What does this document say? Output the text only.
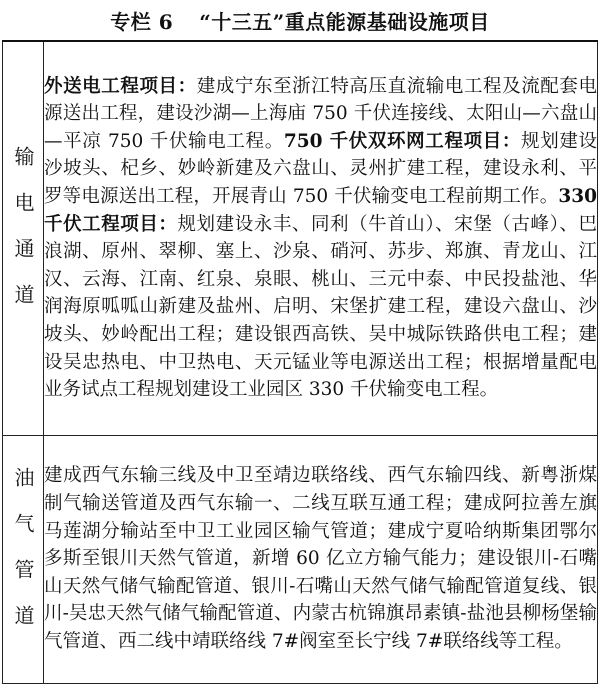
专栏 6 “十三五”重点能源基础设施项目
输电通道	外送电工程项目：建成宁东至浙江特高压直流输电工程及流配套电源送出工程，建设沙湖—上海庙 750 千伏连接线、太阳山—六盘山—平凉 750 千伏输电工程。750 千伏双环网工程项目：规划建设沙坡头、杞乡、妙岭新建及六盘山、灵州扩建工程，建设永利、平罗等电源送出工程，开展青山 750 千伏输变电工程前期工作。330 千伏工程项目：规划建设永丰、同利（牛首山）、宋堡（古峰）、巴浪湖、原州、翠柳、塞上、沙泉、硝河、苏步、郑旗、青龙山、江汉、云海、江南、红泉、泉眼、桃山、三元中泰、中民投盐池、华润海原呱呱山新建及盐州、启明、宋堡扩建工程，建设六盘山、沙坡头、妙岭配出工程；建设银西高铁、吴中城际铁路供电工程；建设吴忠热电、中卫热电、天元锰业等电源送出工程；根据增量配电业务试点工程规划建设工业园区 330 千伏输变电工程。

油气管道	建成西气东输三线及中卫至靖边联络线、西气东输四线、新粤浙煤制气输送管道及西气东输一、二线互联互通工程；建成阿拉善左旗马莲湖分输站至中卫工业园区输气管道；建成宁夏哈纳斯集团鄂尔多斯至银川天然气管道，新增 60 亿立方输气能力；建设银川-石嘴山天然气储气输配管道、银川-石嘴山天然气储气输配管道复线、银川-吴忠天然气储气输配管道、内蒙古杭锦旗昂素镇-盐池县柳杨堡输气管道、西二线中靖联络线 7#阀室至长宁线 7#联络线等工程。
